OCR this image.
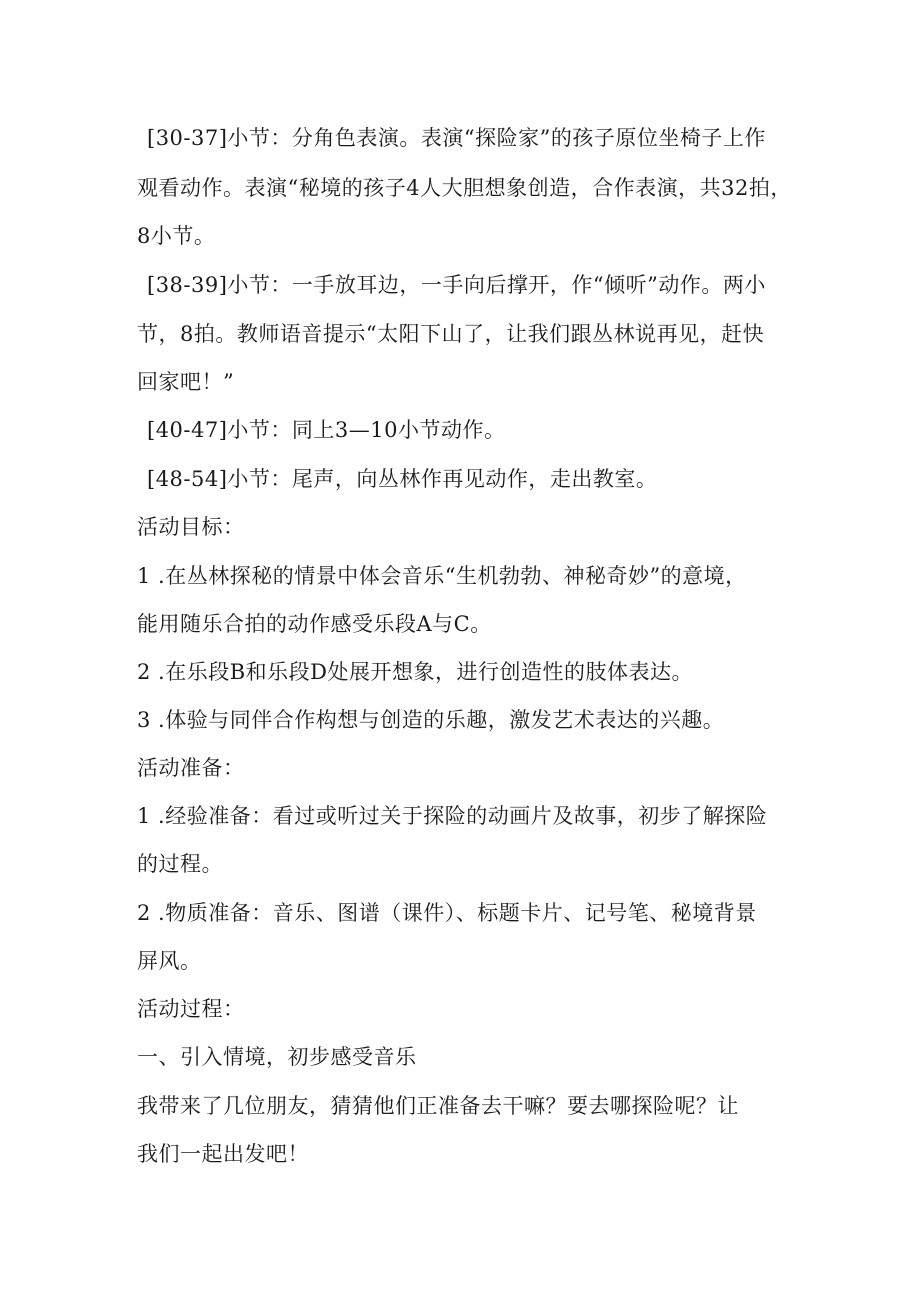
[30-37]小节：分角色表演。表演“探险家”的孩子原位坐椅子上作
观看动作。表演“秘境的孩子4人大胆想象创造，合作表演，共32拍，
8小节。
[38-39]小节：一手放耳边，一手向后撑开，作“倾听”动作。两小
节，8拍。教师语音提示“太阳下山了，让我们跟丛林说再见，赶快
回家吧！”
[40-47]小节：同上3—10小节动作。
[48-54]小节：尾声，向丛林作再见动作，走出教室。
活动目标：
1 .在丛林探秘的情景中体会音乐“生机勃勃、神秘奇妙”的意境，
能用随乐合拍的动作感受乐段A与C。
2 .在乐段B和乐段D处展开想象，进行创造性的肢体表达。
3 .体验与同伴合作构想与创造的乐趣，激发艺术表达的兴趣。
活动准备：
1 .经验准备：看过或听过关于探险的动画片及故事，初步了解探险
的过程。
2 .物质准备：音乐、图谱（课件）、标题卡片、记号笔、秘境背景
屏风。
活动过程：
一、引入情境，初步感受音乐
我带来了几位朋友，猜猜他们正准备去干嘛？要去哪探险呢？让
我们一起出发吧！
